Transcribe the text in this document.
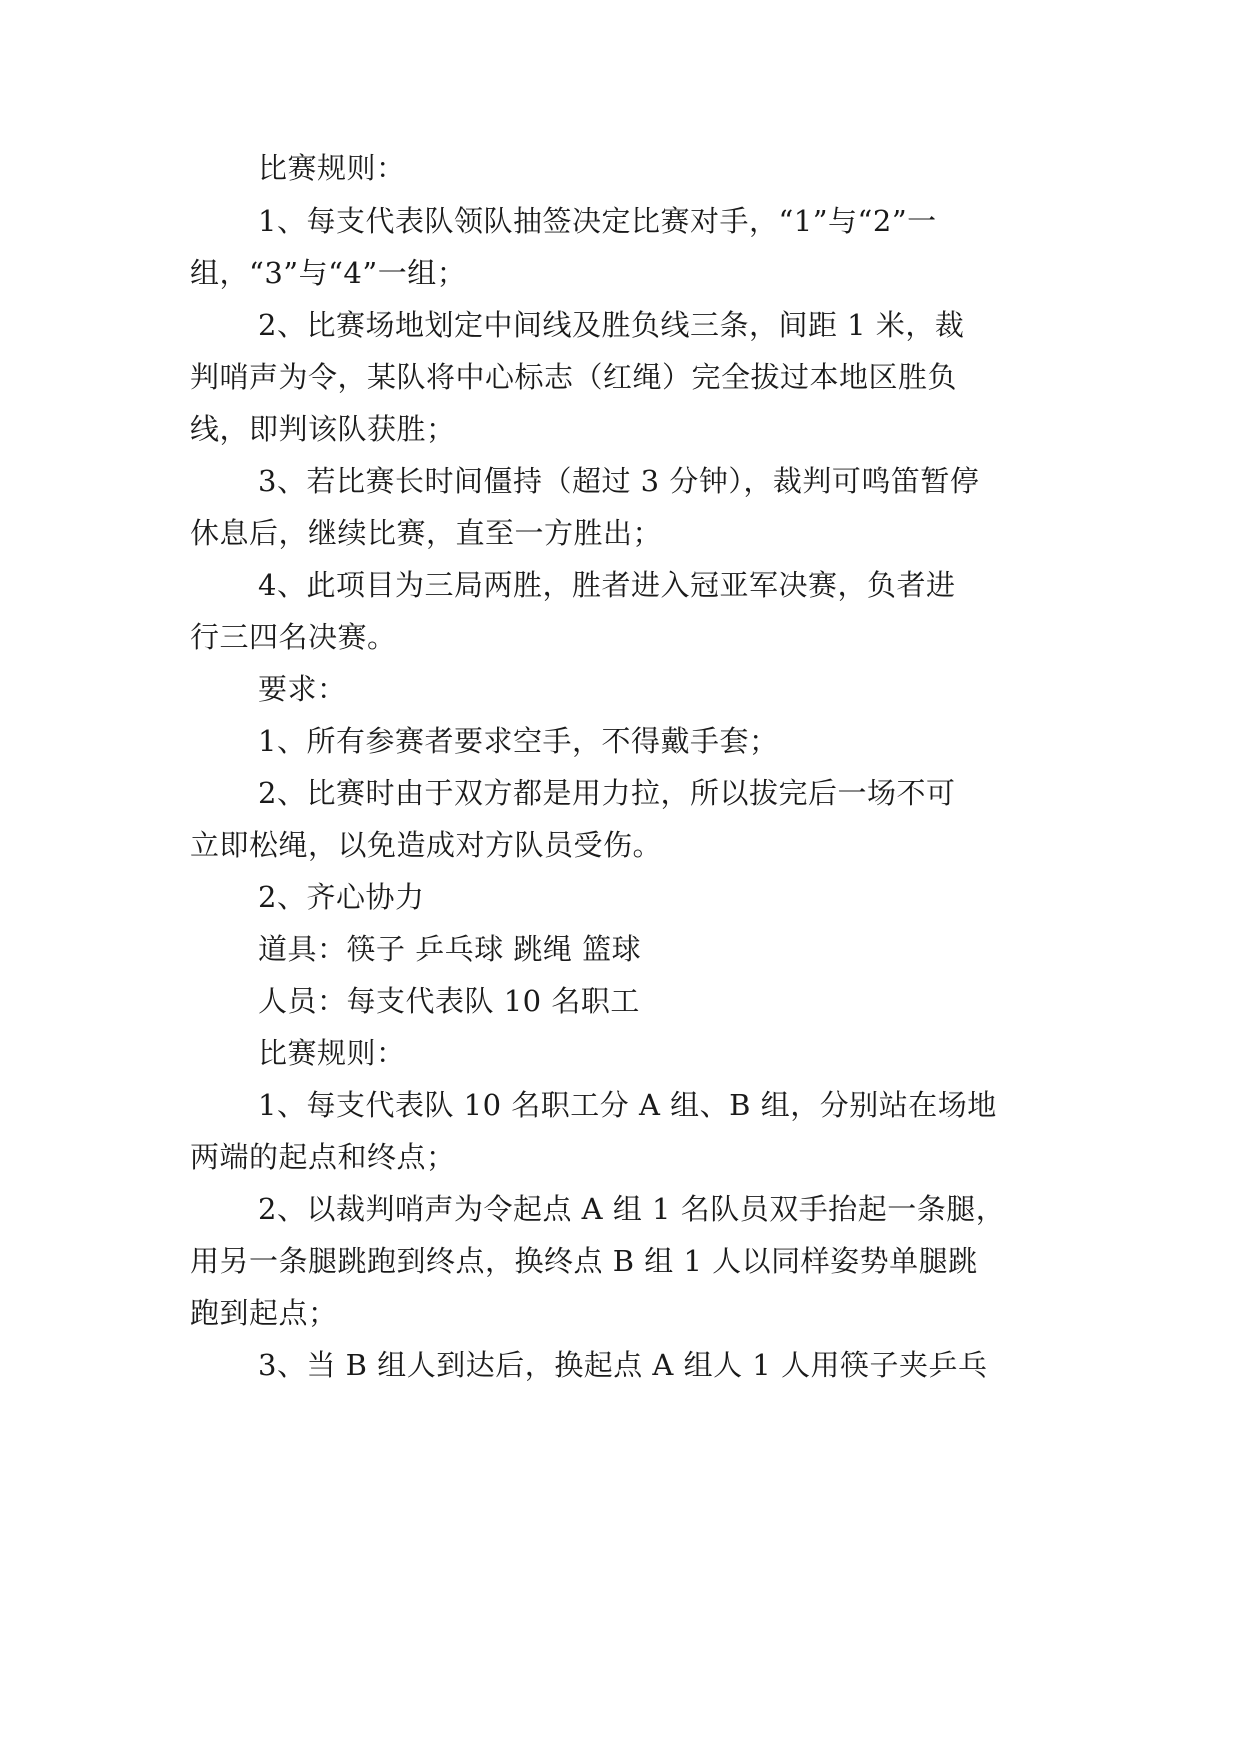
比赛规则：
1、每支代表队领队抽签决定比赛对手，“1”与“2”一
组，“3”与“4”一组；
2、比赛场地划定中间线及胜负线三条，间距 1 米，裁
判哨声为令，某队将中心标志（红绳）完全拔过本地区胜负
线，即判该队获胜；
3、若比赛长时间僵持（超过 3 分钟），裁判可鸣笛暂停
休息后，继续比赛，直至一方胜出；
4、此项目为三局两胜，胜者进入冠亚军决赛，负者进
行三四名决赛。
要求：
1、所有参赛者要求空手，不得戴手套；
2、比赛时由于双方都是用力拉，所以拔完后一场不可
立即松绳，以免造成对方队员受伤。
2、齐心协力
道具：筷子 乒乓球 跳绳 篮球
人员：每支代表队 10 名职工
比赛规则：
1、每支代表队 10 名职工分 A 组、B 组，分别站在场地
两端的起点和终点；
2、以裁判哨声为令起点 A 组 1 名队员双手抬起一条腿，
用另一条腿跳跑到终点，换终点 B 组 1 人以同样姿势单腿跳
跑到起点；
3、当 B 组人到达后，换起点 A 组人 1 人用筷子夹乒乓
